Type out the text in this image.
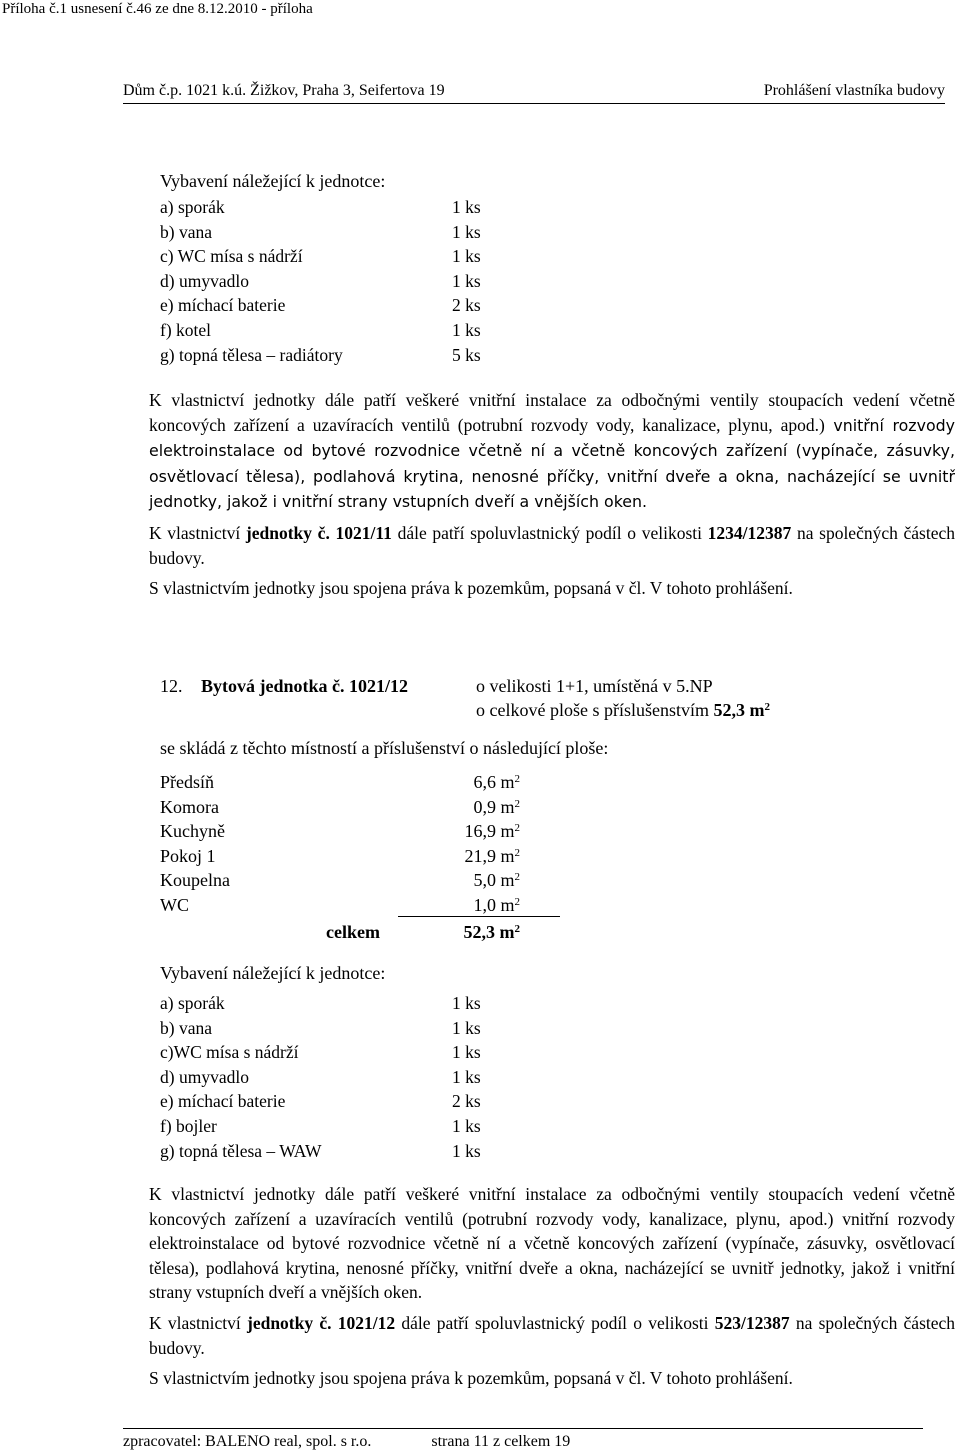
Příloha č.1 usnesení č.46 ze dne 8.12.2010 - příloha
Dům č.p. 1021 k.ú. Žižkov, Praha 3, Seifertova 19	Prohlášení vlastníka budovy
Vybavení náležející k jednotce:
a) sporák	1 ks
b) vana	1 ks
c) WC mísa s nádrží	1 ks
d) umyvadlo	1 ks
e) míchací baterie	2 ks
f) kotel	1 ks
g) topná tělesa – radiátory	5 ks

K vlastnictví jednotky dále patří veškeré vnitřní instalace za odbočnými ventily stoupacích vedení včetně koncových zařízení a uzavíracích ventilů (potrubní rozvody vody, kanalizace, plynu, apod.) vnitřní rozvody elektroinstalace od bytové rozvodnice včetně ní a včetně koncových zařízení (vypínače, zásuvky, osvětlovací tělesa), podlahová krytina, nenosné příčky, vnitřní dveře a okna, nacházející se uvnitř jednotky, jakož i vnitřní strany vstupních dveří a vnějších oken.

K vlastnictví jednotky č. 1021/11 dále patří spoluvlastnický podíl o velikosti 1234/12387 na společných částech budovy.

S vlastnictvím jednotky jsou spojena práva k pozemkům, popsaná v čl. V tohoto prohlášení.

12. Bytová jednotka č. 1021/12	o velikosti 1+1, umístěná v 5.NP
o celkové ploše s příslušenstvím 52,3 $m^2$
se skládá z těchto místností a příslušenství o následující ploše:
Předsíň	6,6 $m^2$
Komora	0,9 $m^2$
Kuchyně	16,9 $m^2$
Pokoj 1	21,9 $m^2$
Koupelna	5,0 $m^2$
WC	1,0 $m^2$
celkem	52,3 $m^2$
Vybavení náležející k jednotce:
a) sporák	1 ks
b) vana	1 ks
c)WC mísa s nádrží	1 ks
d) umyvadlo	1 ks
e) míchací baterie	2 ks
f) bojler	1 ks
g) topná tělesa – WAW	1 ks

K vlastnictví jednotky dále patří veškeré vnitřní instalace za odbočnými ventily stoupacích vedení včetně koncových zařízení a uzavíracích ventilů (potrubní rozvody vody, kanalizace, plynu, apod.) vnitřní rozvody elektroinstalace od bytové rozvodnice včetně ní a včetně koncových zařízení (vypínače, zásuvky, osvětlovací tělesa), podlahová krytina, nenosné příčky, vnitřní dveře a okna, nacházející se uvnitř jednotky, jakož i vnitřní strany vstupních dveří a vnějších oken.

K vlastnictví jednotky č. 1021/12 dále patří spoluvlastnický podíl o velikosti 523/12387 na společných částech budovy.

S vlastnictvím jednotky jsou spojena práva k pozemkům, popsaná v čl. V tohoto prohlášení.

zpracovatel: BALENO real, spol. s r.o.	strana 11 z celkem 19
